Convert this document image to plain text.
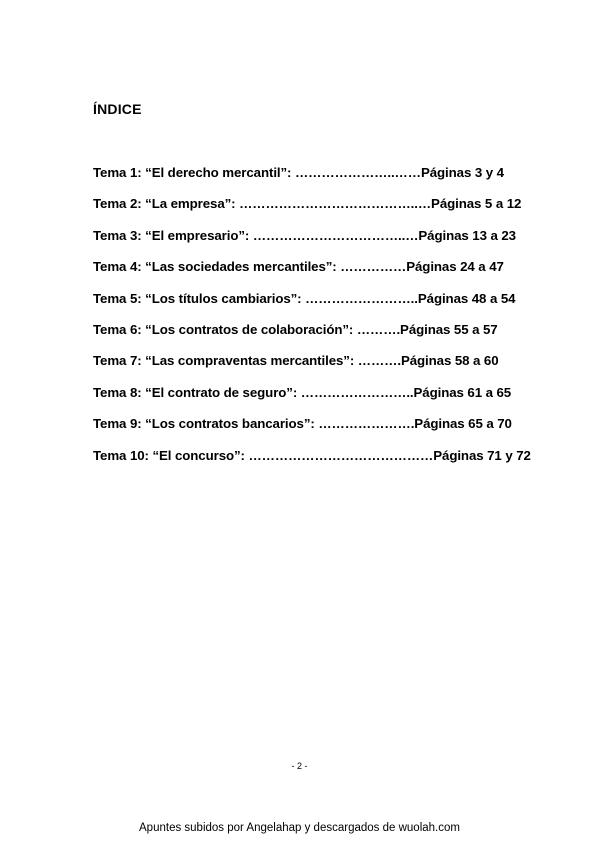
ÍNDICE
Tema 1: “El derecho mercantil”: …………………..……Páginas 3 y 4
Tema 2: “La empresa”: …………………………………..…Páginas 5 a 12
Tema 3: “El empresario”: ……………………………..…Páginas 13 a 23
Tema 4: “Las sociedades mercantiles”: ……………Páginas 24 a 47
Tema 5: “Los títulos cambiarios”: ……………………..Páginas 48 a 54
Tema 6: “Los contratos de colaboración”: ……….Páginas 55 a 57
Tema 7: “Las compraventas mercantiles”: ……….Páginas 58 a 60
Tema 8: “El contrato de seguro”: ……………………..Páginas 61 a 65
Tema 9: “Los contratos bancarios”: ………………….Páginas 65 a 70
Tema 10: “El concurso”: ……………………………………Páginas 71 y 72
- 2 -
Apuntes subidos por Angelahap y descargados de wuolah.com
